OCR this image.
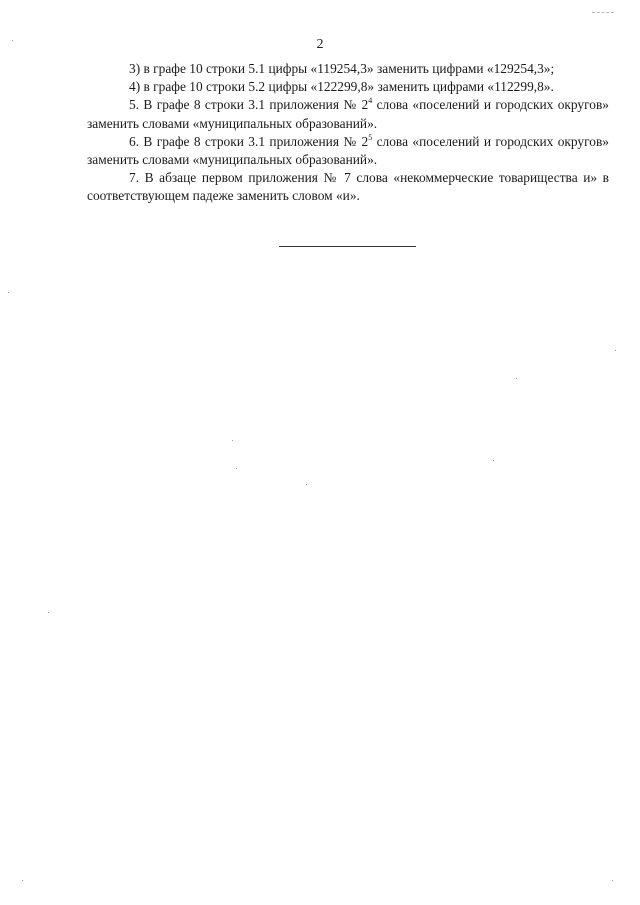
2

3) в графе 10 строки 5.1 цифры «119254,3» заменить цифрами «129254,3»;

4) в графе 10 строки 5.2 цифры «122299,8» заменить цифрами «112299,8».

5. В графе 8 строки 3.1 приложения № $2^4$ слова «поселений и городских округов» заменить словами «муниципальных образований».

6. В графе 8 строки 3.1 приложения № $2^5$ слова «поселений и городских округов» заменить словами «муниципальных образований».

7. В абзаце первом приложения № 7 слова «некоммерческие товарищества и» в соответствующем падеже заменить словом «и».
